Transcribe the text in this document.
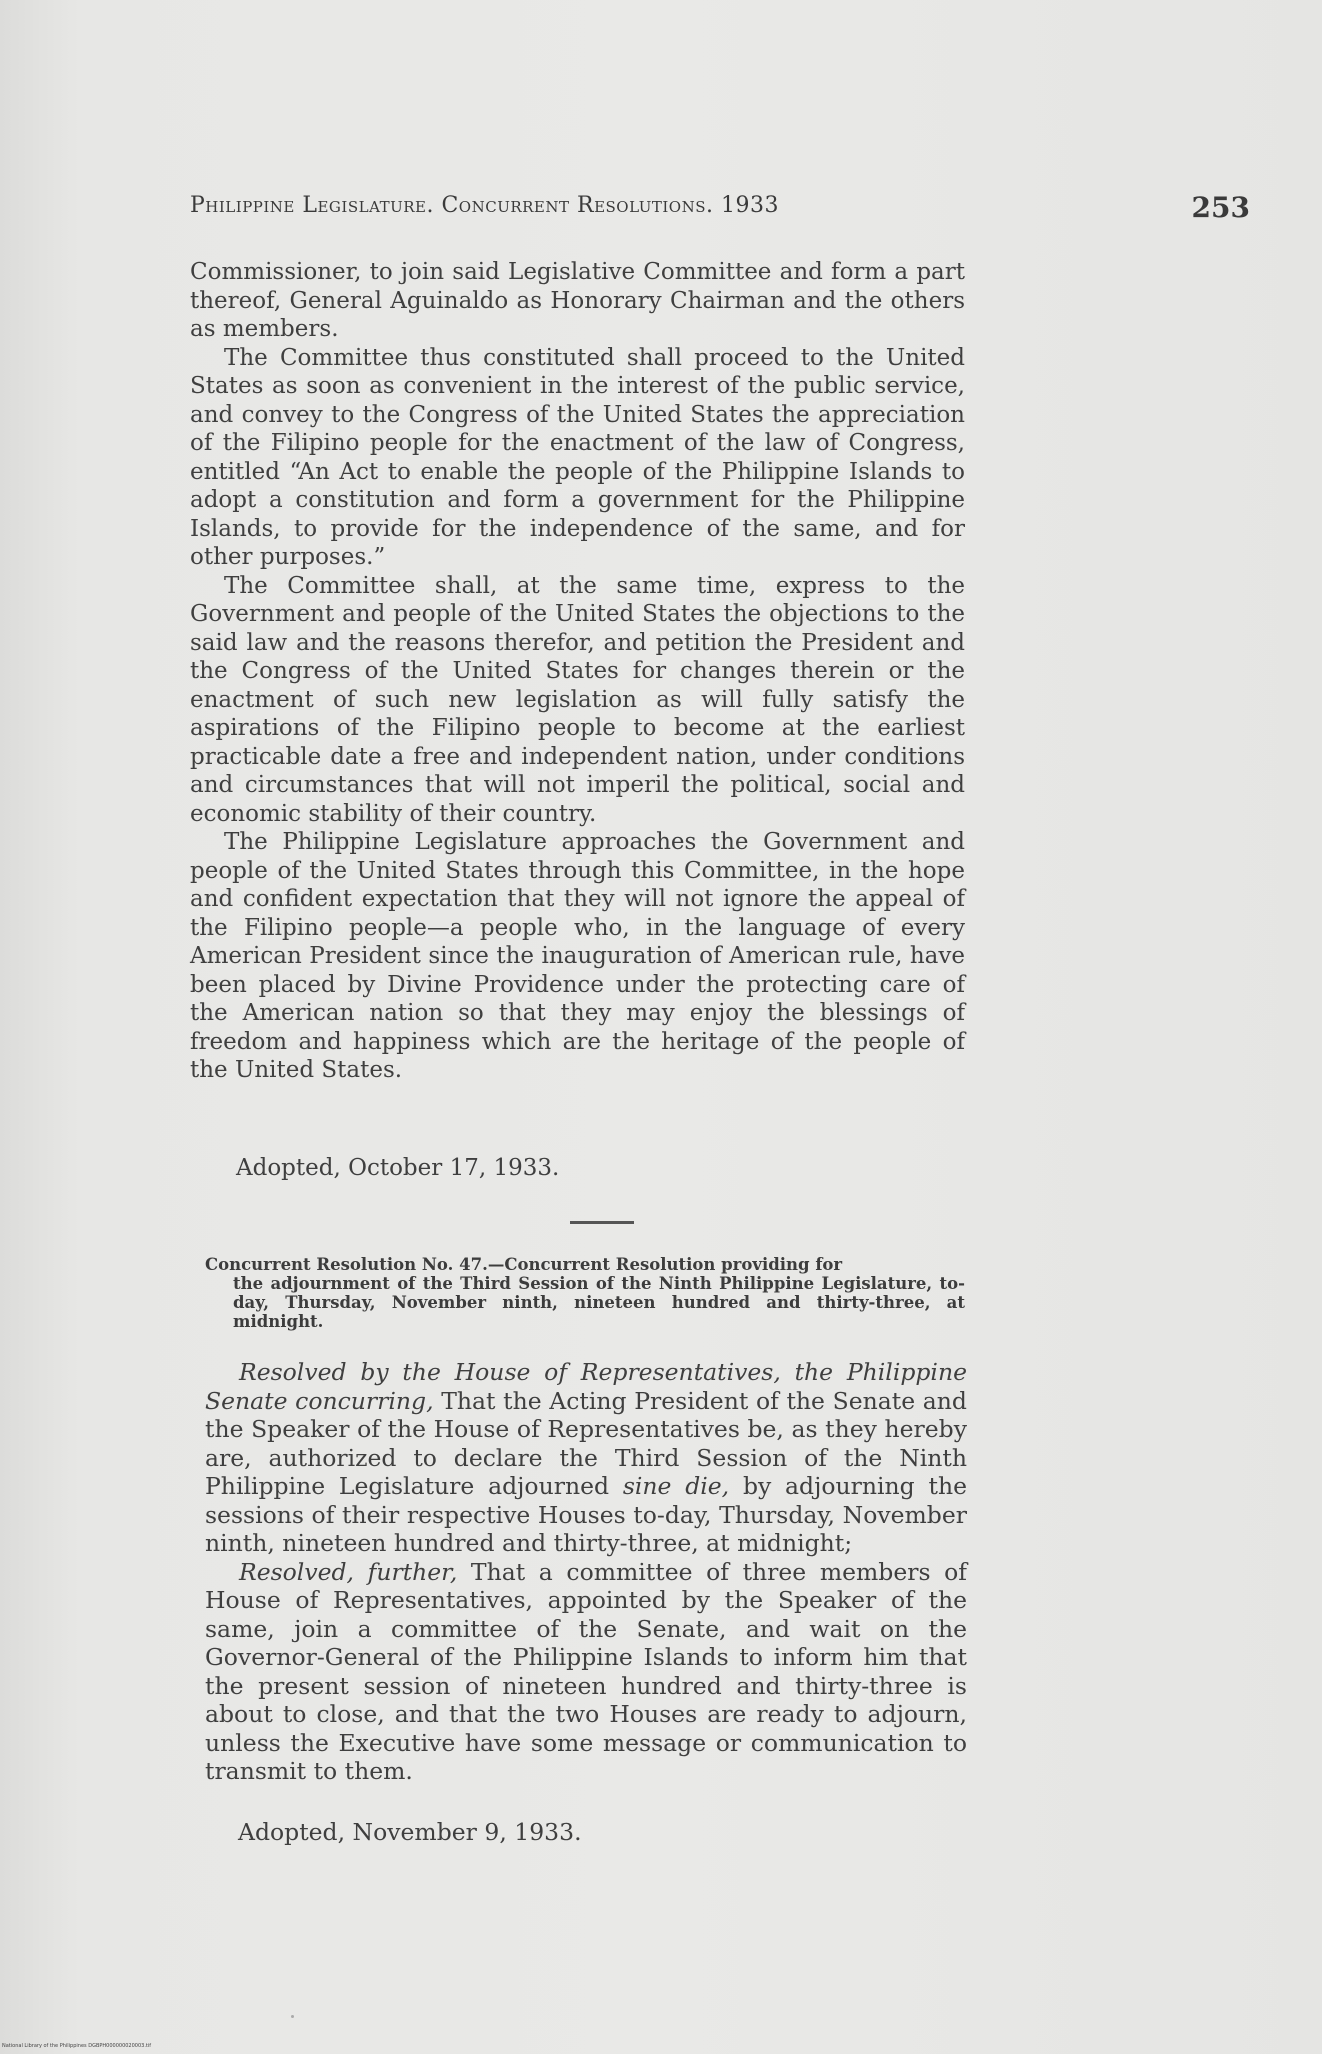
Philippine Legislature. Concurrent Resolutions. 1933	253

Commissioner, to join said Legislative Committee and form a part thereof, General Aguinaldo as Honorary Chairman and the others as members.

The Committee thus constituted shall proceed to the United States as soon as convenient in the interest of the public service, and convey to the Congress of the United States the appreciation of the Filipino people for the enactment of the law of Congress, entitled “An Act to enable the people of the Philippine Islands to adopt a constitution and form a government for the Philippine Islands, to provide for the independence of the same, and for other purposes.”

The Committee shall, at the same time, express to the Government and people of the United States the objections to the said law and the reasons therefor, and petition the President and the Congress of the United States for changes therein or the enactment of such new legislation as will fully satisfy the aspirations of the Filipino people to become at the earliest practicable date a free and independent nation, under conditions and circumstances that will not imperil the political, social and economic stability of their country.

The Philippine Legislature approaches the Government and people of the United States through this Committee, in the hope and confident expectation that they will not ignore the appeal of the Filipino people—a people who, in the language of every American President since the inauguration of American rule, have been placed by Divine Providence under the protecting care of the American nation so that they may enjoy the blessings of freedom and happiness which are the heritage of the people of the United States.

Adopted, October 17, 1933.
Concurrent Resolution No. 47.—Concurrent Resolution providing for
the adjournment of the Third Session of the Ninth Philippine Legislature, to-day, Thursday, November ninth, nineteen hundred and thirty-three, at midnight.

Resolved by the House of Representatives, the Philippine Senate concurring, That the Acting President of the Senate and the Speaker of the House of Representatives be, as they hereby are, authorized to declare the Third Session of the Ninth Philippine Legislature adjourned sine die, by adjourning the sessions of their respective Houses to-day, Thursday, November ninth, nineteen hundred and thirty-three, at midnight;

Resolved, further, That a committee of three members of House of Representatives, appointed by the Speaker of the same, join a committee of the Senate, and wait on the Governor-General of the Philippine Islands to inform him that the present session of nineteen hundred and thirty-three is about to close, and that the two Houses are ready to adjourn, unless the Executive have some message or communication to transmit to them.

Adopted, November 9, 1933.
National Library of the Philippines DGBPH000000020003.tif
